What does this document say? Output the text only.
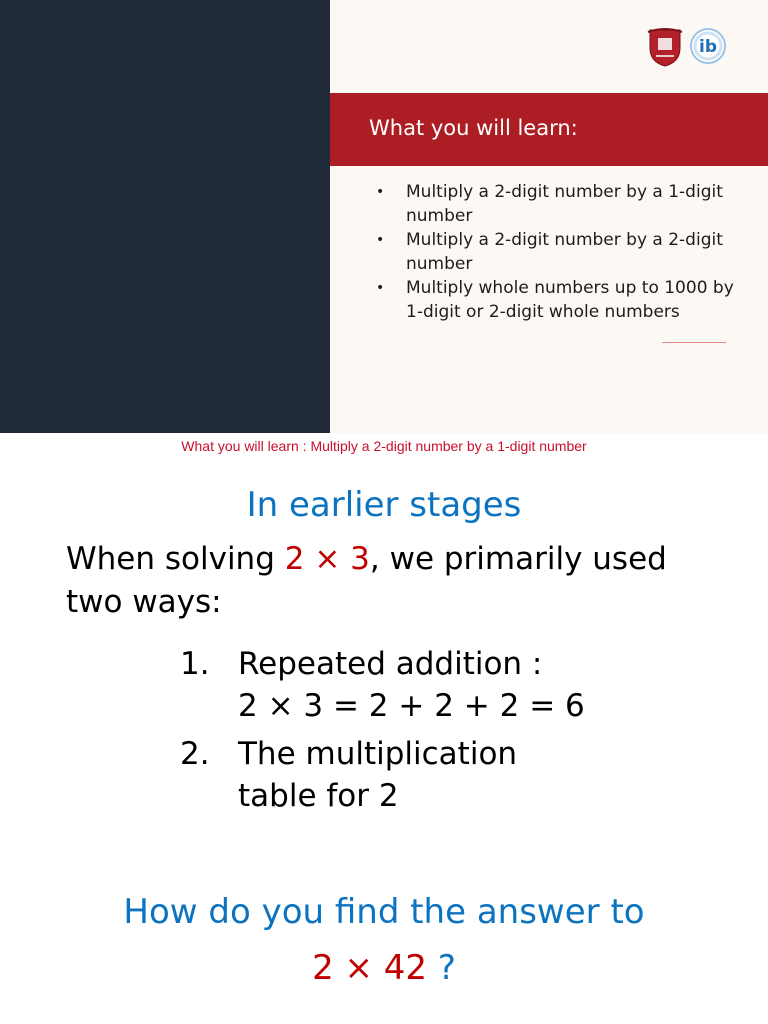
ib
What you will learn:
• Multiply a 2-digit number by a 1-digit number
• Multiply a 2-digit number by a 2-digit number
• Multiply whole numbers up to 1000 by 1-digit or 2-digit whole numbers
What you will learn : Multiply a 2-digit number by a 1-digit number
In earlier stages

When solving 2 × 3, we primarily used two ways:

1. Repeated addition :
2 × 3 = 2 + 2 + 2 = 6
2. The multiplication
table for 2

How do you find the answer to
2 × 42 ?
